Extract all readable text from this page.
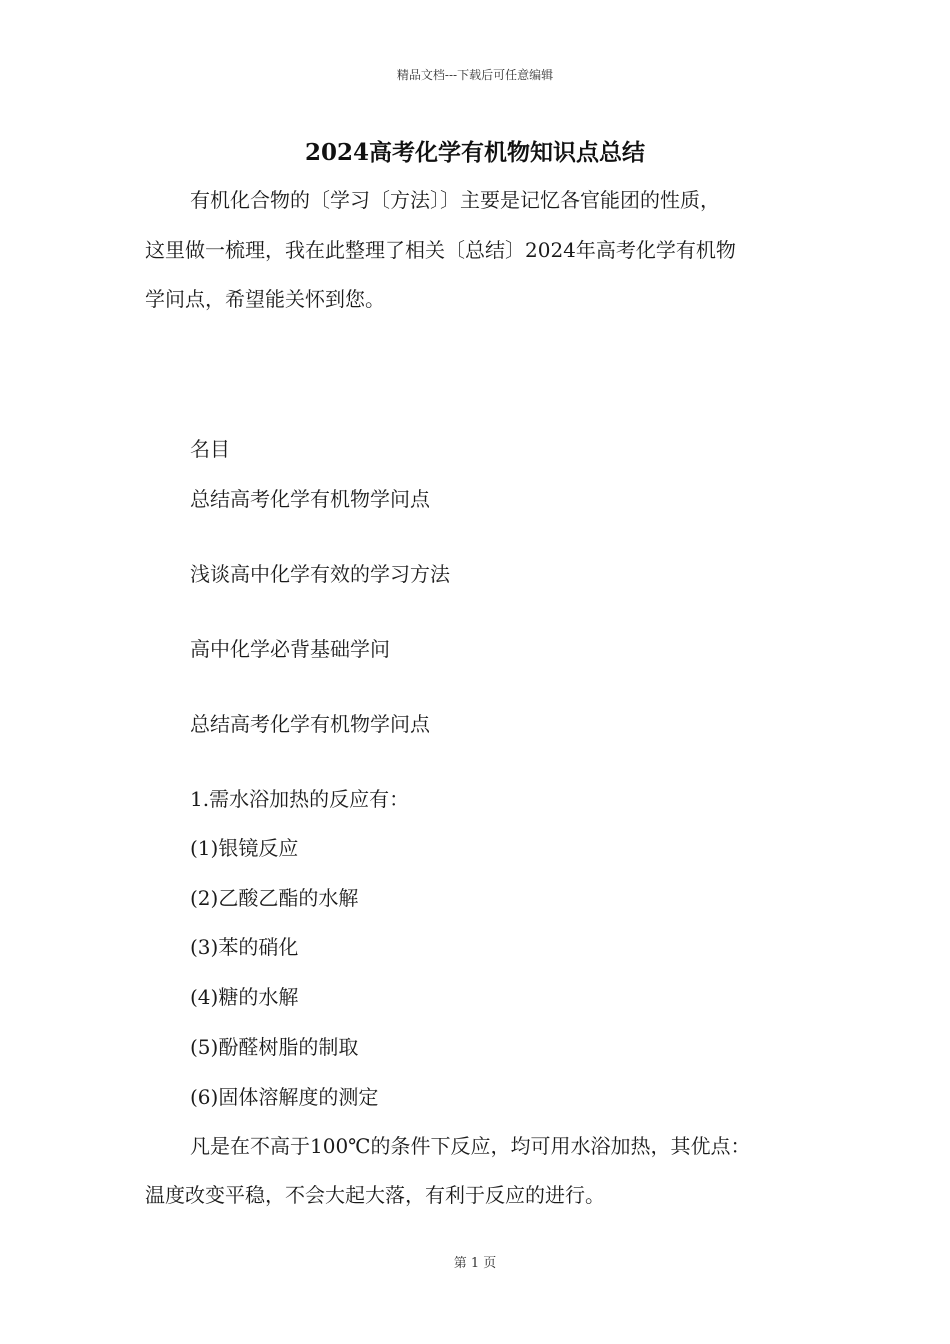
精品文档---下载后可任意编辑
2024高考化学有机物知识点总结
有机化合物的〔学习〔方法〕〕主要是记忆各官能团的性质，
这里做一梳理，我在此整理了相关〔总结〕2024年高考化学有机物
学问点，希望能关怀到您。
名目
总结高考化学有机物学问点
浅谈高中化学有效的学习方法
高中化学必背基础学问
总结高考化学有机物学问点
1.需水浴加热的反应有：
(1)银镜反应
(2)乙酸乙酯的水解
(3)苯的硝化
(4)糖的水解
(5)酚醛树脂的制取
(6)固体溶解度的测定
凡是在不高于100℃的条件下反应，均可用水浴加热，其优点：
温度改变平稳，不会大起大落，有利于反应的进行。
第 1 页
